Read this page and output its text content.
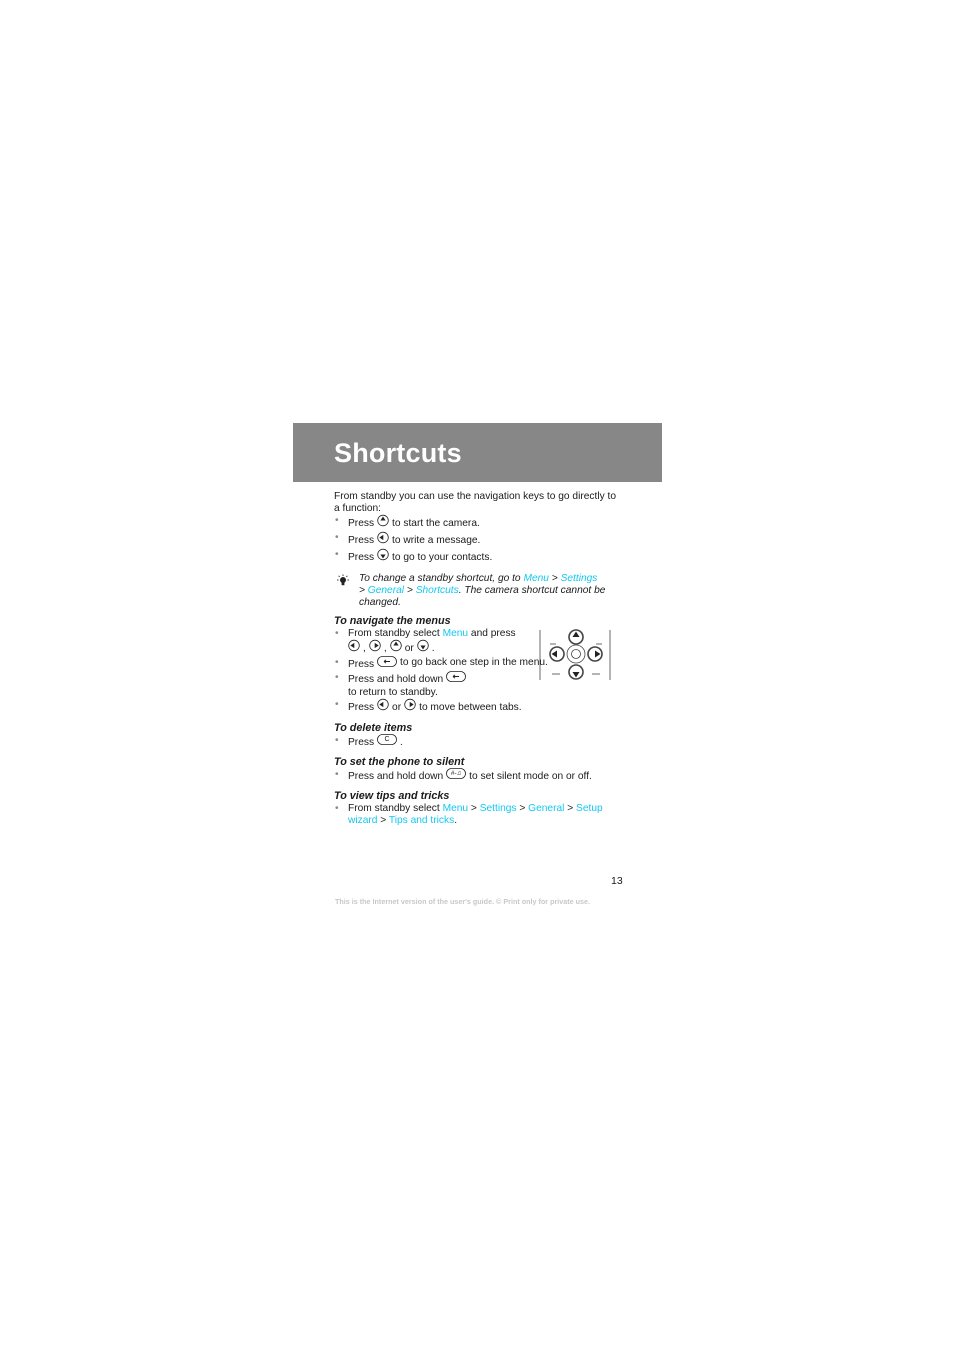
Shortcuts

From standby you can use the navigation keys to go directly to a function:

• Press to start the camera.
• Press to write a message.
• Press to go to your contacts.
To change a standby shortcut, go to Menu > Settings
> General > Shortcuts. The camera shortcut cannot be changed.
To navigate the menus
• From standby select Menu and press
, , or .
• Press	to go back one step in the menu.
• Press and hold downto return to standby.
• Press or to move between tabs.
To delete items
• Press	C	.
To set the phone to silent
• Press and hold down	#-♫ to set silent mode on or off.
To view tips and tricks
• From standby select Menu > Settings > General > Setup wizard > Tips and tricks.
13
This is the Internet version of the user's guide. © Print only for private use.
